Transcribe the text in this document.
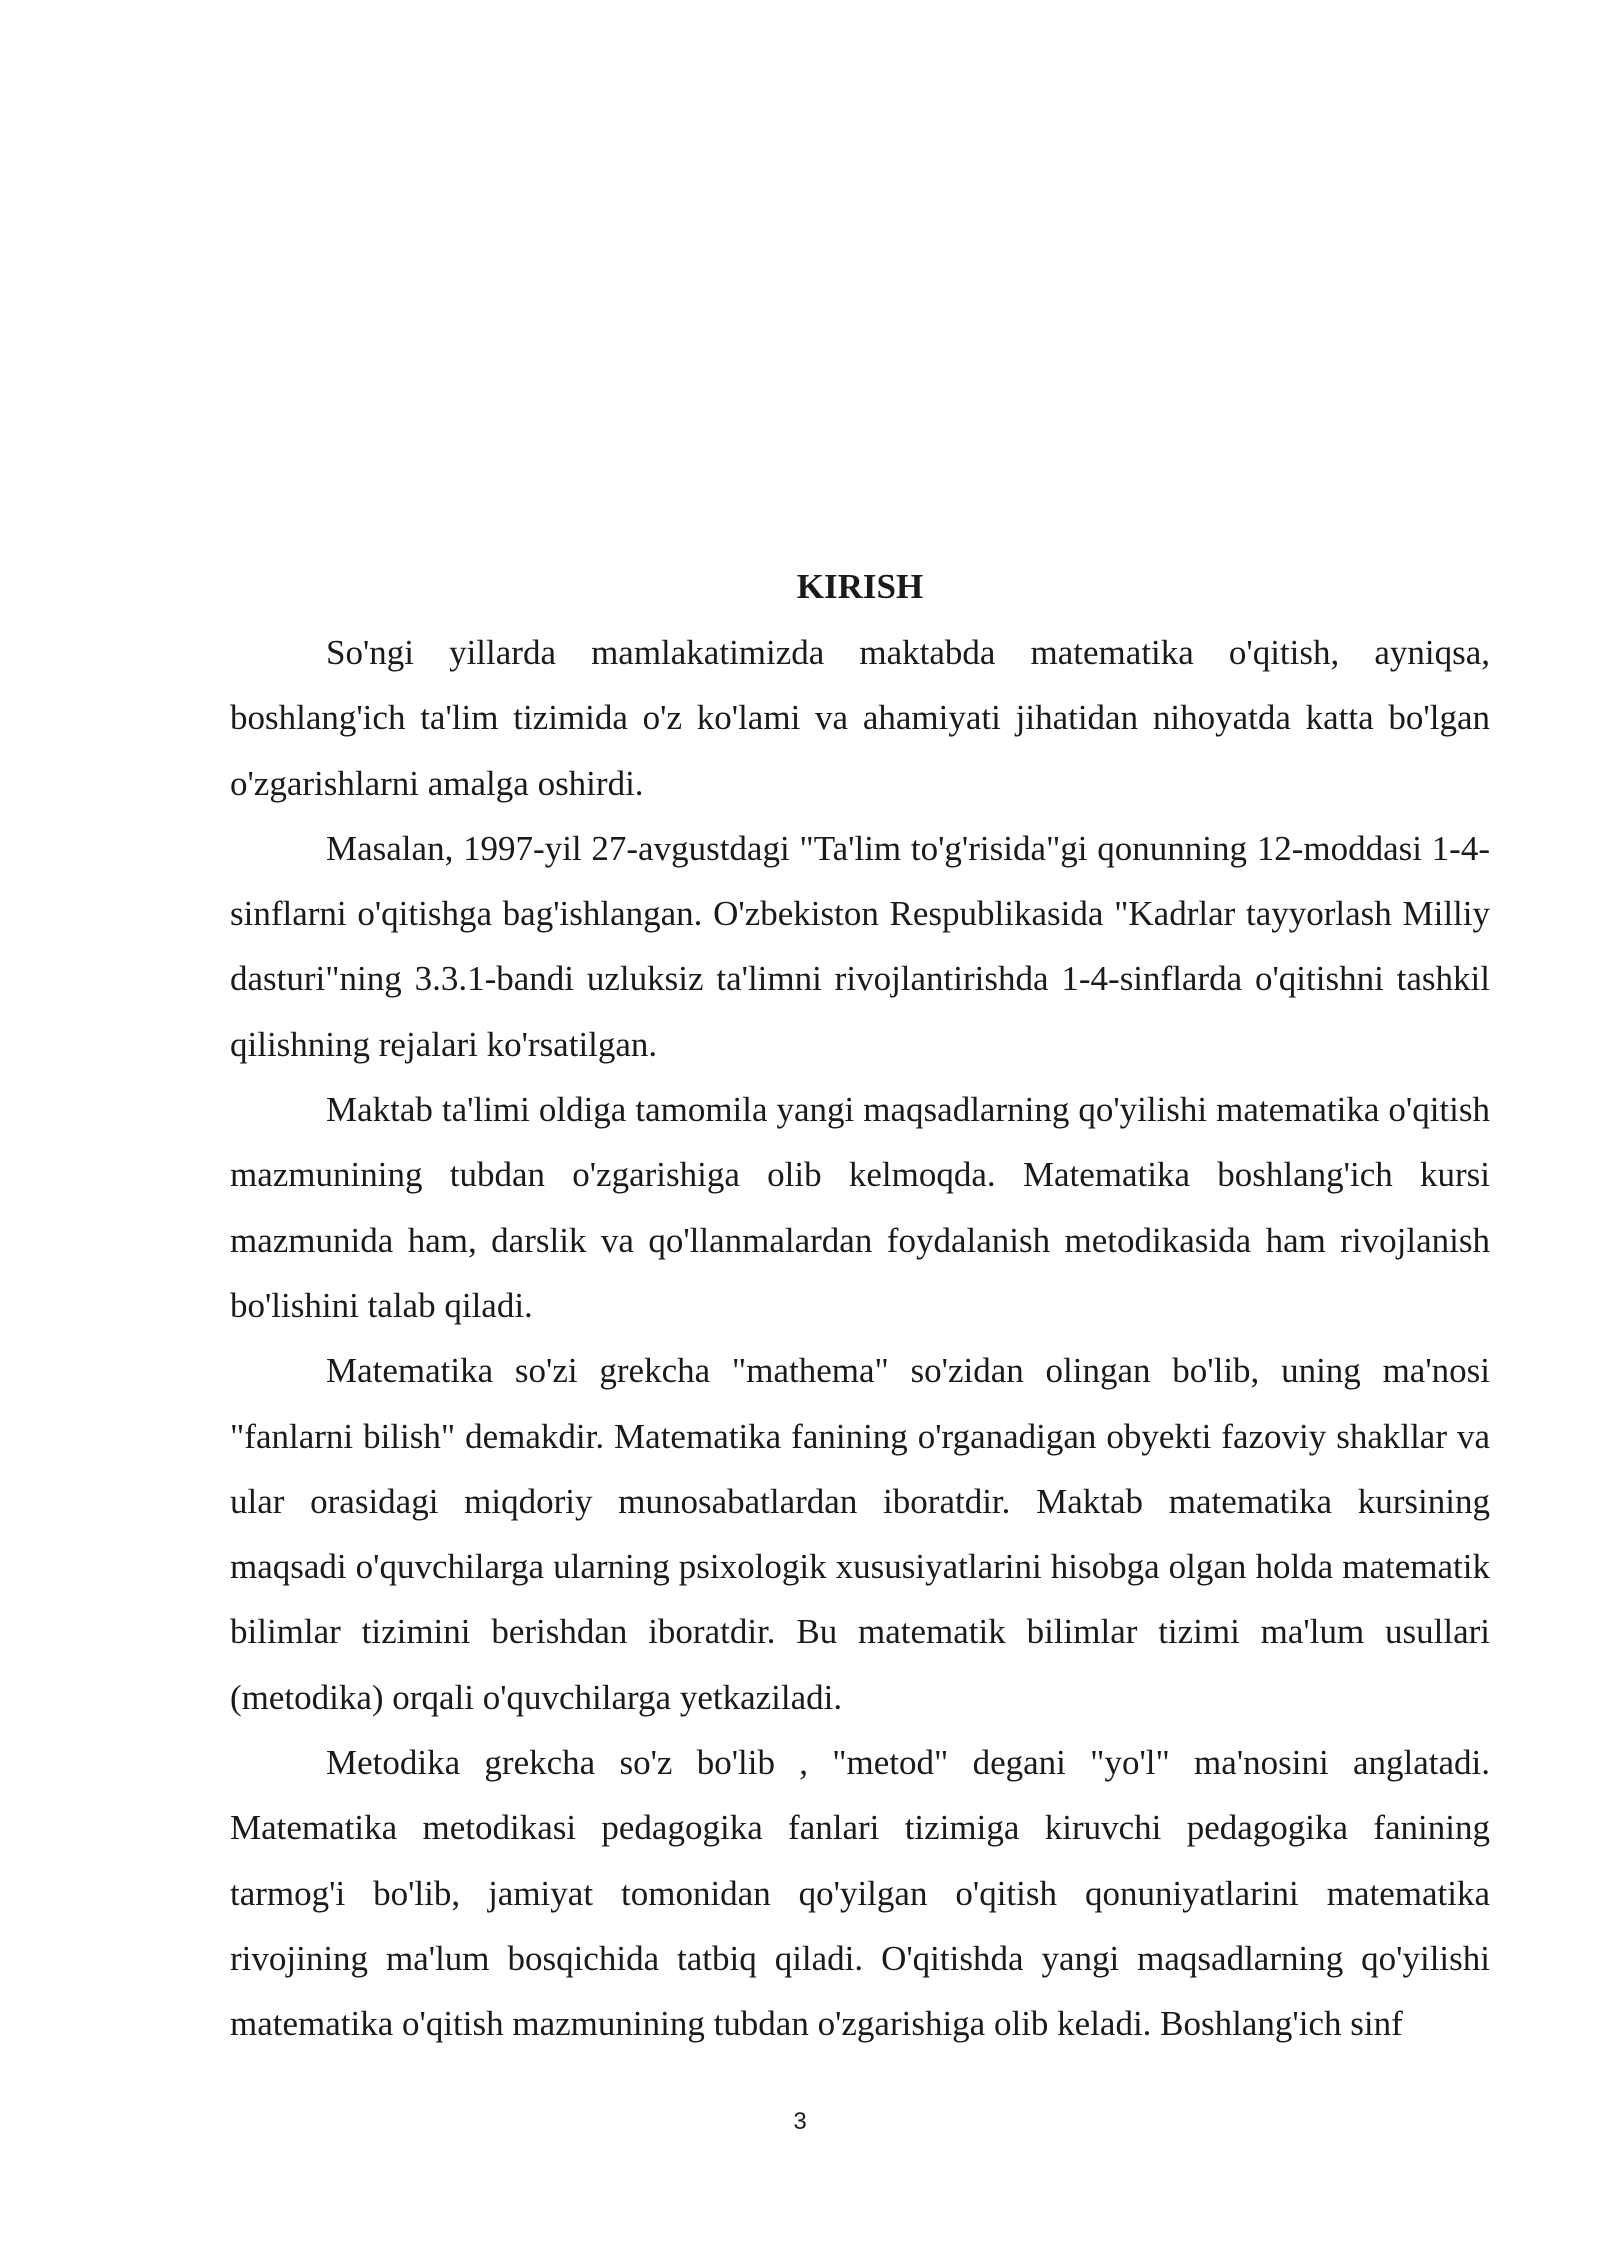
KIRISH

So'ngi yillarda mamlakatimizda maktabda matematika o'qitish, ayniqsa, boshlang'ich ta'lim tizimida o'z ko'lami va ahamiyati jihatidan nihoyatda katta bo'lgan o'zgarishlarni amalga oshirdi.

Masalan, 1997-yil 27-avgustdagi "Ta'lim to'g'risida"gi qonunning 12-moddasi 1-4-sinflarni o'qitishga bag'ishlangan. O'zbekiston Respublikasida "Kadrlar tayyorlash Milliy dasturi"ning 3.3.1-bandi uzluksiz ta'limni rivojlantirishda 1-4-sinflarda o'qitishni tashkil qilishning rejalari ko'rsatilgan.

Maktab ta'limi oldiga tamomila yangi maqsadlarning qo'yilishi matematika o'qitish mazmunining tubdan o'zgarishiga olib kelmoqda. Matematika boshlang'ich kursi mazmunida ham, darslik va qo'llanmalardan foydalanish metodikasida ham rivojlanish bo'lishini talab qiladi.

Matematika so'zi grekcha "mathema" so'zidan olingan bo'lib, uning ma'nosi "fanlarni bilish" demakdir. Matematika fanining o'rganadigan obyekti fazoviy shakllar va ular orasidagi miqdoriy munosabatlardan iboratdir. Maktab matematika kursining maqsadi o'quvchilarga ularning psixologik xususiyatlarini hisobga olgan holda matematik bilimlar tizimini berishdan iboratdir. Bu matematik bilimlar tizimi ma'lum usullari (metodika) orqali o'quvchilarga yetkaziladi.

Metodika grekcha so'z bo'lib , "metod" degani "yo'l" ma'nosini anglatadi. Matematika metodikasi pedagogika fanlari tizimiga kiruvchi pedagogika fanining tarmog'i bo'lib, jamiyat tomonidan qo'yilgan o'qitish qonuniyatlarini matematika rivojining ma'lum bosqichida tatbiq qiladi. O'qitishda yangi maqsadlarning qo'yilishi matematika o'qitish mazmunining tubdan o'zgarishiga olib keladi. Boshlang'ich sinf

3
